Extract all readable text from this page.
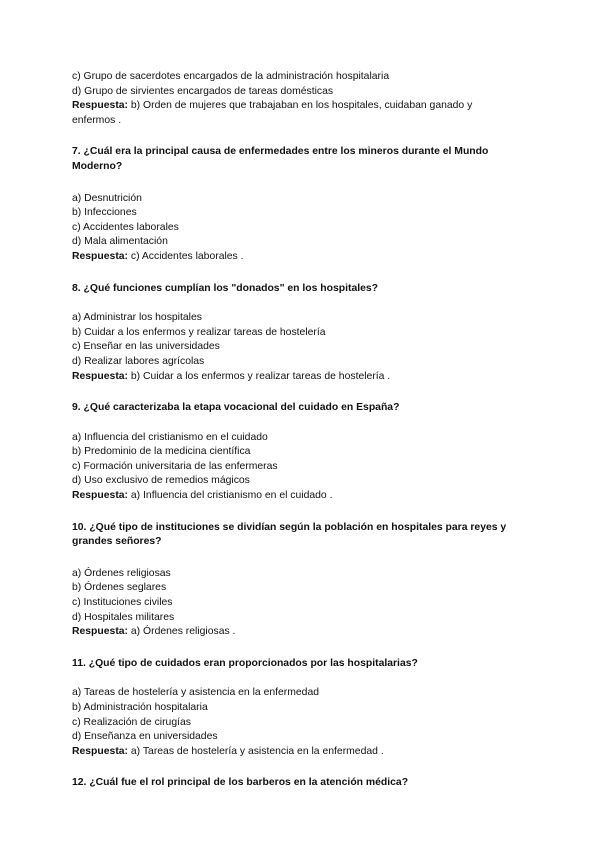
c) Grupo de sacerdotes encargados de la administración hospitalaria
d) Grupo de sirvientes encargados de tareas domésticas
Respuesta: b) Orden de mujeres que trabajaban en los hospitales, cuidaban ganado y
enfermos .
7. ¿Cuál era la principal causa de enfermedades entre los mineros durante el Mundo Moderno?
a) Desnutrición
b) Infecciones
c) Accidentes laborales
d) Mala alimentación
Respuesta: c) Accidentes laborales .
8. ¿Qué funciones cumplían los "donados" en los hospitales?
a) Administrar los hospitales
b) Cuidar a los enfermos y realizar tareas de hostelería
c) Enseñar en las universidades
d) Realizar labores agrícolas
Respuesta: b) Cuidar a los enfermos y realizar tareas de hostelería .
9. ¿Qué caracterizaba la etapa vocacional del cuidado en España?
a) Influencia del cristianismo en el cuidado
b) Predominio de la medicina científica
c) Formación universitaria de las enfermeras
d) Uso exclusivo de remedios mágicos
Respuesta: a) Influencia del cristianismo en el cuidado .
10. ¿Qué tipo de instituciones se dividían según la población en hospitales para reyes y grandes señores?
a) Órdenes religiosas
b) Órdenes seglares
c) Instituciones civiles
d) Hospitales militares
Respuesta: a) Órdenes religiosas .
11. ¿Qué tipo de cuidados eran proporcionados por las hospitalarias?
a) Tareas de hostelería y asistencia en la enfermedad
b) Administración hospitalaria
c) Realización de cirugías
d) Enseñanza en universidades
Respuesta: a) Tareas de hostelería y asistencia en la enfermedad .
12. ¿Cuál fue el rol principal de los barberos en la atención médica?
